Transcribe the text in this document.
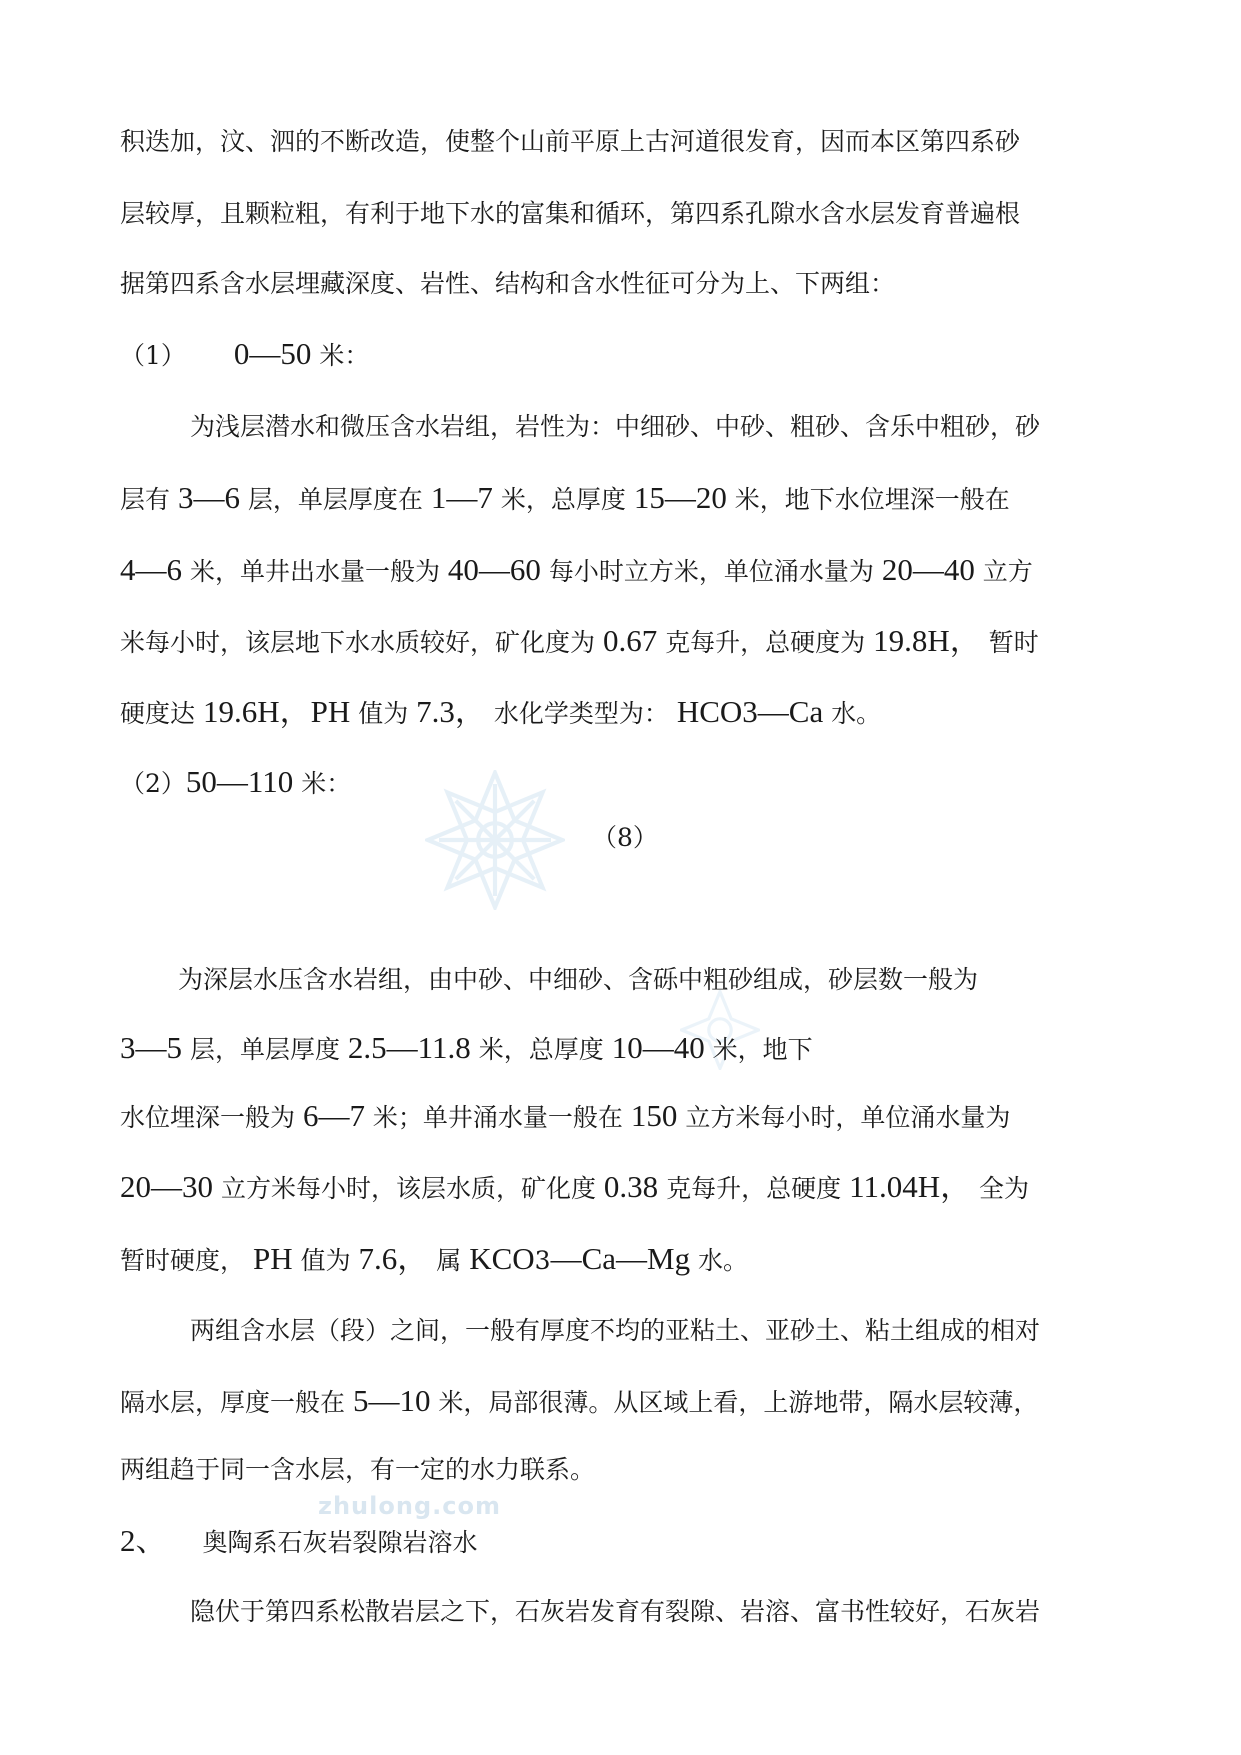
zhulong.com
积迭加，汶、泗的不断改造，使整个山前平原上古河道很发育，因而本区第四系砂
层较厚，且颗粒粗，有利于地下水的富集和循环，第四系孔隙水含水层发育普遍根
据第四系含水层埋藏深度、岩性、结构和含水性征可分为上、下两组：
（1） 0—50 米：
为浅层潜水和微压含水岩组，岩性为：中细砂、中砂、粗砂、含乐中粗砂，砂
层有 3—6 层，单层厚度在 1—7 米，总厚度 15—20 米，地下水位埋深一般在
4—6 米，单井出水量一般为 40—60 每小时立方米，单位涌水量为 20—40 立方
米每小时，该层地下水水质较好，矿化度为 0.67 克每升，总硬度为 19.8H， 暂时
硬度达 19.6H，PH 值为 7.3， 水化学类型为： HCO3—Ca 水。
（2）50—110 米：
（8）
为深层水压含水岩组，由中砂、中细砂、含砾中粗砂组成，砂层数一般为
3—5 层，单层厚度 2.5—11.8 米，总厚度 10—40 米，地下
水位埋深一般为 6—7 米；单井涌水量一般在 150 立方米每小时，单位涌水量为
20—30 立方米每小时，该层水质，矿化度 0.38 克每升，总硬度 11.04H， 全为
暂时硬度， PH 值为 7.6， 属 KCO3—Ca—Mg 水。
两组含水层（段）之间，一般有厚度不均的亚粘土、亚砂土、粘土组成的相对
隔水层，厚度一般在 5—10 米，局部很薄。从区域上看，上游地带，隔水层较薄，
两组趋于同一含水层，有一定的水力联系。
2、 奥陶系石灰岩裂隙岩溶水
隐伏于第四系松散岩层之下，石灰岩发育有裂隙、岩溶、富书性较好，石灰岩
